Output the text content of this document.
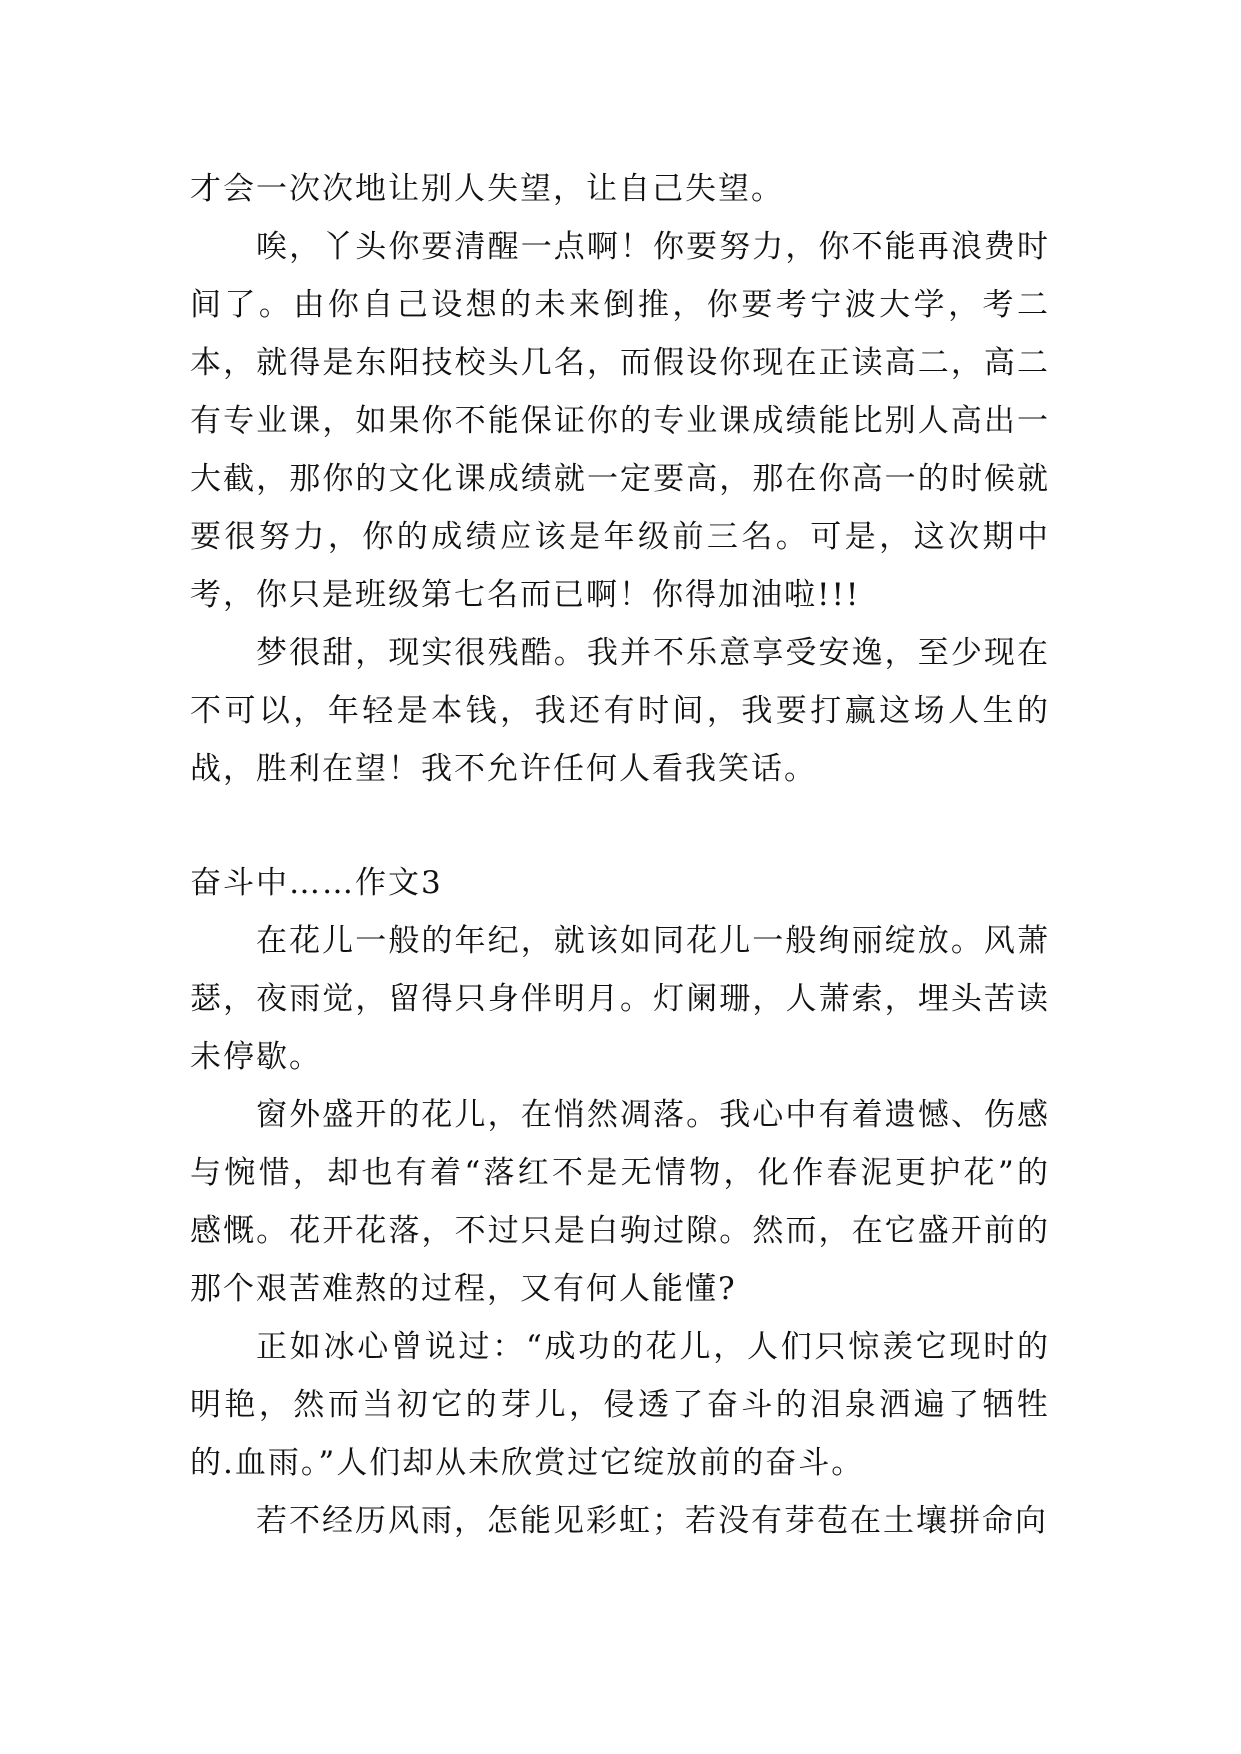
才会一次次地让别人失望，让自己失望。

唉，丫头你要清醒一点啊！你要努力，你不能再浪费时间了。由你自己设想的未来倒推，你要考宁波大学，考二本，就得是东阳技校头几名，而假设你现在正读高二，高二有专业课，如果你不能保证你的专业课成绩能比别人高出一大截，那你的文化课成绩就一定要高，那在你高一的时候就要很努力，你的成绩应该是年级前三名。可是，这次期中考，你只是班级第七名而已啊！你得加油啦!!!

梦很甜，现实很残酷。我并不乐意享受安逸，至少现在不可以，年轻是本钱，我还有时间，我要打赢这场人生的战，胜利在望！我不允许任何人看我笑话。

奋斗中……作文3

在花儿一般的年纪，就该如同花儿一般绚丽绽放。风萧瑟，夜雨觉，留得只身伴明月。灯阑珊，人萧索，埋头苦读未停歇。

窗外盛开的花儿，在悄然凋落。我心中有着遗憾、伤感与惋惜，却也有着“落红不是无情物，化作春泥更护花”的感慨。花开花落，不过只是白驹过隙。然而，在它盛开前的那个艰苦难熬的过程，又有何人能懂?

正如冰心曾说过：“成功的花儿，人们只惊羡它现时的明艳，然而当初它的芽儿，侵透了奋斗的泪泉洒遍了牺牲的.血雨。”人们却从未欣赏过它绽放前的奋斗。

若不经历风雨，怎能见彩虹；若没有芽苞在土壤拼命向
